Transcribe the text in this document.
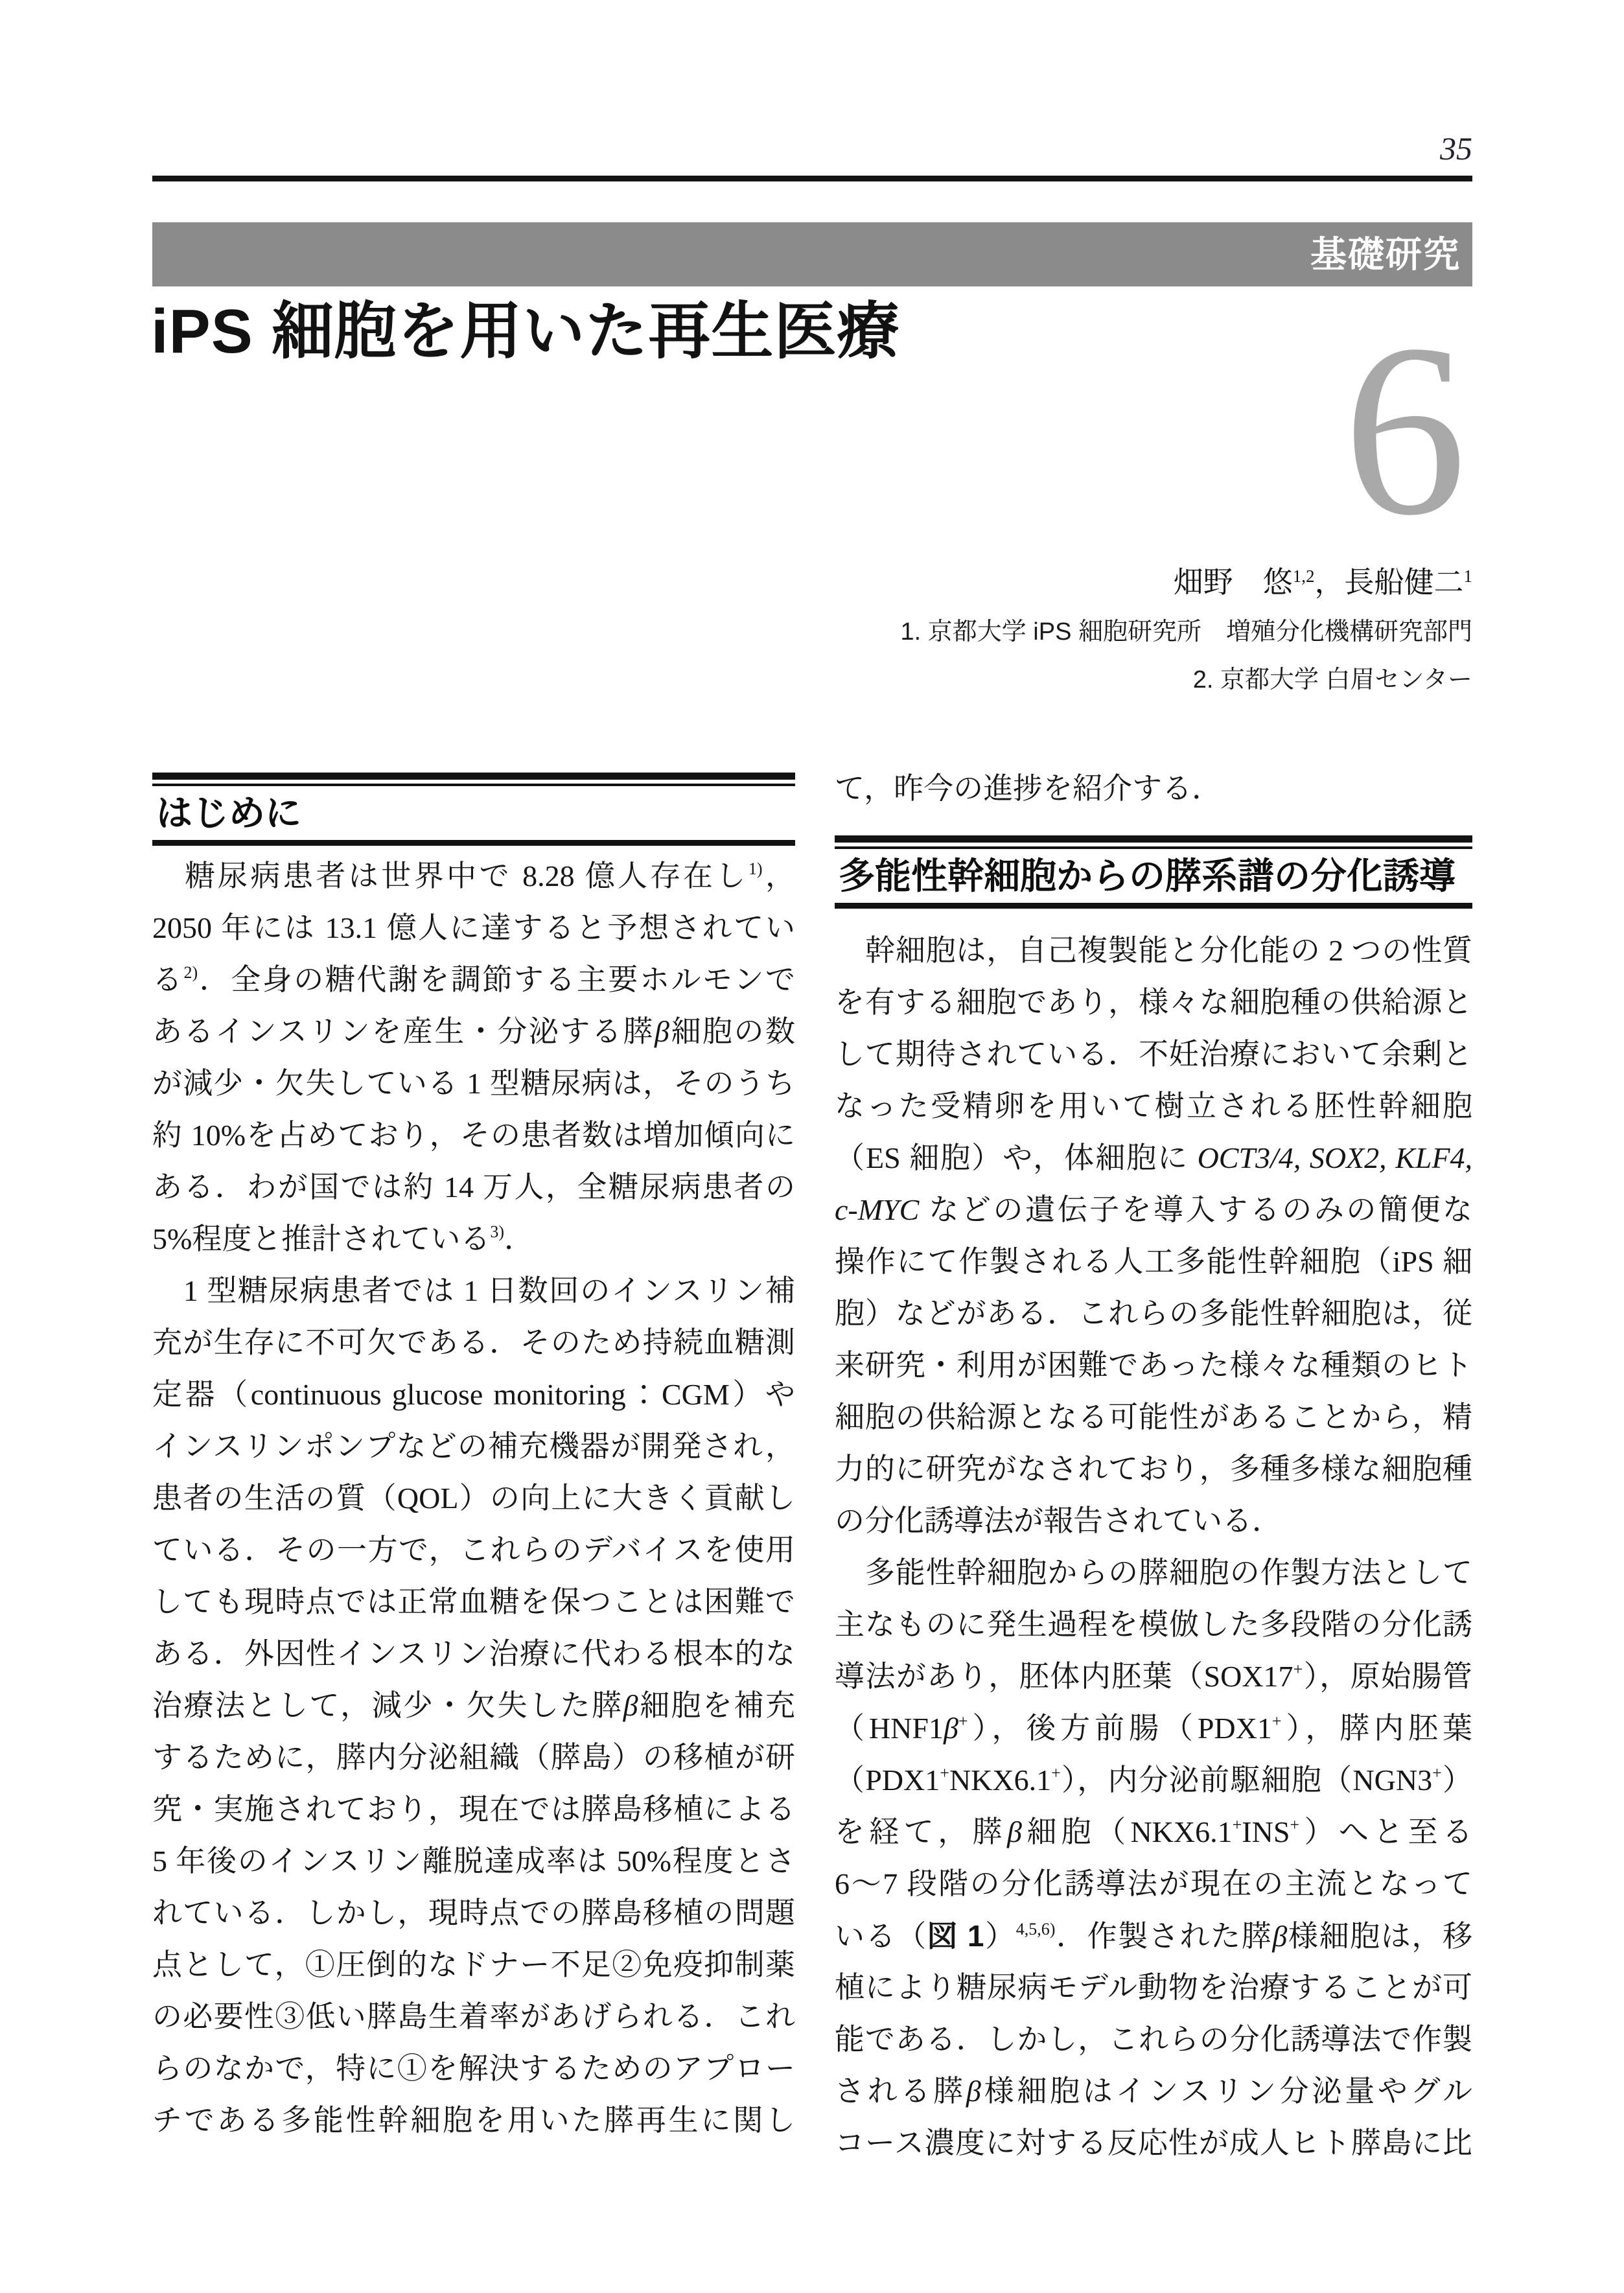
35
基礎研究
iPS 細胞を用いた再生医療 6
畑野　悠$^{1,2}$，長船健二$^1$
1. 京都大学 iPS 細胞研究所　増殖分化機構研究部門
2. 京都大学 白眉センター
はじめに
　糖尿病患者は世界中で 8.28 億人存在し$^{1)}$，
2050 年には 13.1 億人に達すると予想されてい
る$^{2)}$．全身の糖代謝を調節する主要ホルモンで
あるインスリンを産生・分泌する膵β細胞の数
が減少・欠失している 1 型糖尿病は，そのうち
約 10%を占めており，その患者数は増加傾向に
ある．わが国では約 14 万人，全糖尿病患者の
5%程度と推計されている$^{3)}$．
　1 型糖尿病患者では 1 日数回のインスリン補
充が生存に不可欠である．そのため持続血糖測
定器（continuous glucose monitoring：CGM）や
インスリンポンプなどの補充機器が開発され，
患者の生活の質（QOL）の向上に大きく貢献し
ている．その一方で，これらのデバイスを使用
しても現時点では正常血糖を保つことは困難で
ある．外因性インスリン治療に代わる根本的な
治療法として，減少・欠失した膵β細胞を補充
するために，膵内分泌組織（膵島）の移植が研
究・実施されており，現在では膵島移植による
5 年後のインスリン離脱達成率は 50%程度とさ
れている．しかし，現時点での膵島移植の問題
点として，①圧倒的なドナー不足②免疫抑制薬
の必要性③低い膵島生着率があげられる．これ
らのなかで，特に①を解決するためのアプロー
チである多能性幹細胞を用いた膵再生に関し
て，昨今の進捗を紹介する．
多能性幹細胞からの膵系譜の分化誘導
　幹細胞は，自己複製能と分化能の 2 つの性質
を有する細胞であり，様々な細胞種の供給源と
して期待されている．不妊治療において余剰と
なった受精卵を用いて樹立される胚性幹細胞
（ES 細胞）や，体細胞に OCT3/4, SOX2, KLF4,
c-MYC などの遺伝子を導入するのみの簡便な
操作にて作製される人工多能性幹細胞（iPS 細
胞）などがある．これらの多能性幹細胞は，従
来研究・利用が困難であった様々な種類のヒト
細胞の供給源となる可能性があることから，精
力的に研究がなされており，多種多様な細胞種
の分化誘導法が報告されている．
　多能性幹細胞からの膵細胞の作製方法として
主なものに発生過程を模倣した多段階の分化誘
導法があり，胚体内胚葉（SOX17+），原始腸管
（HNF1β+），後方前腸（PDX1+），膵内胚葉
（PDX1+NKX6.1+），内分泌前駆細胞（NGN3+）
を経て，膵β細胞（NKX6.1+INS+）へと至る
6〜7 段階の分化誘導法が現在の主流となって
いる（図 1）$^{4,5,6)}$．作製された膵β様細胞は，移
植により糖尿病モデル動物を治療することが可
能である．しかし，これらの分化誘導法で作製
される膵β様細胞はインスリン分泌量やグル
コース濃度に対する反応性が成人ヒト膵島に比
